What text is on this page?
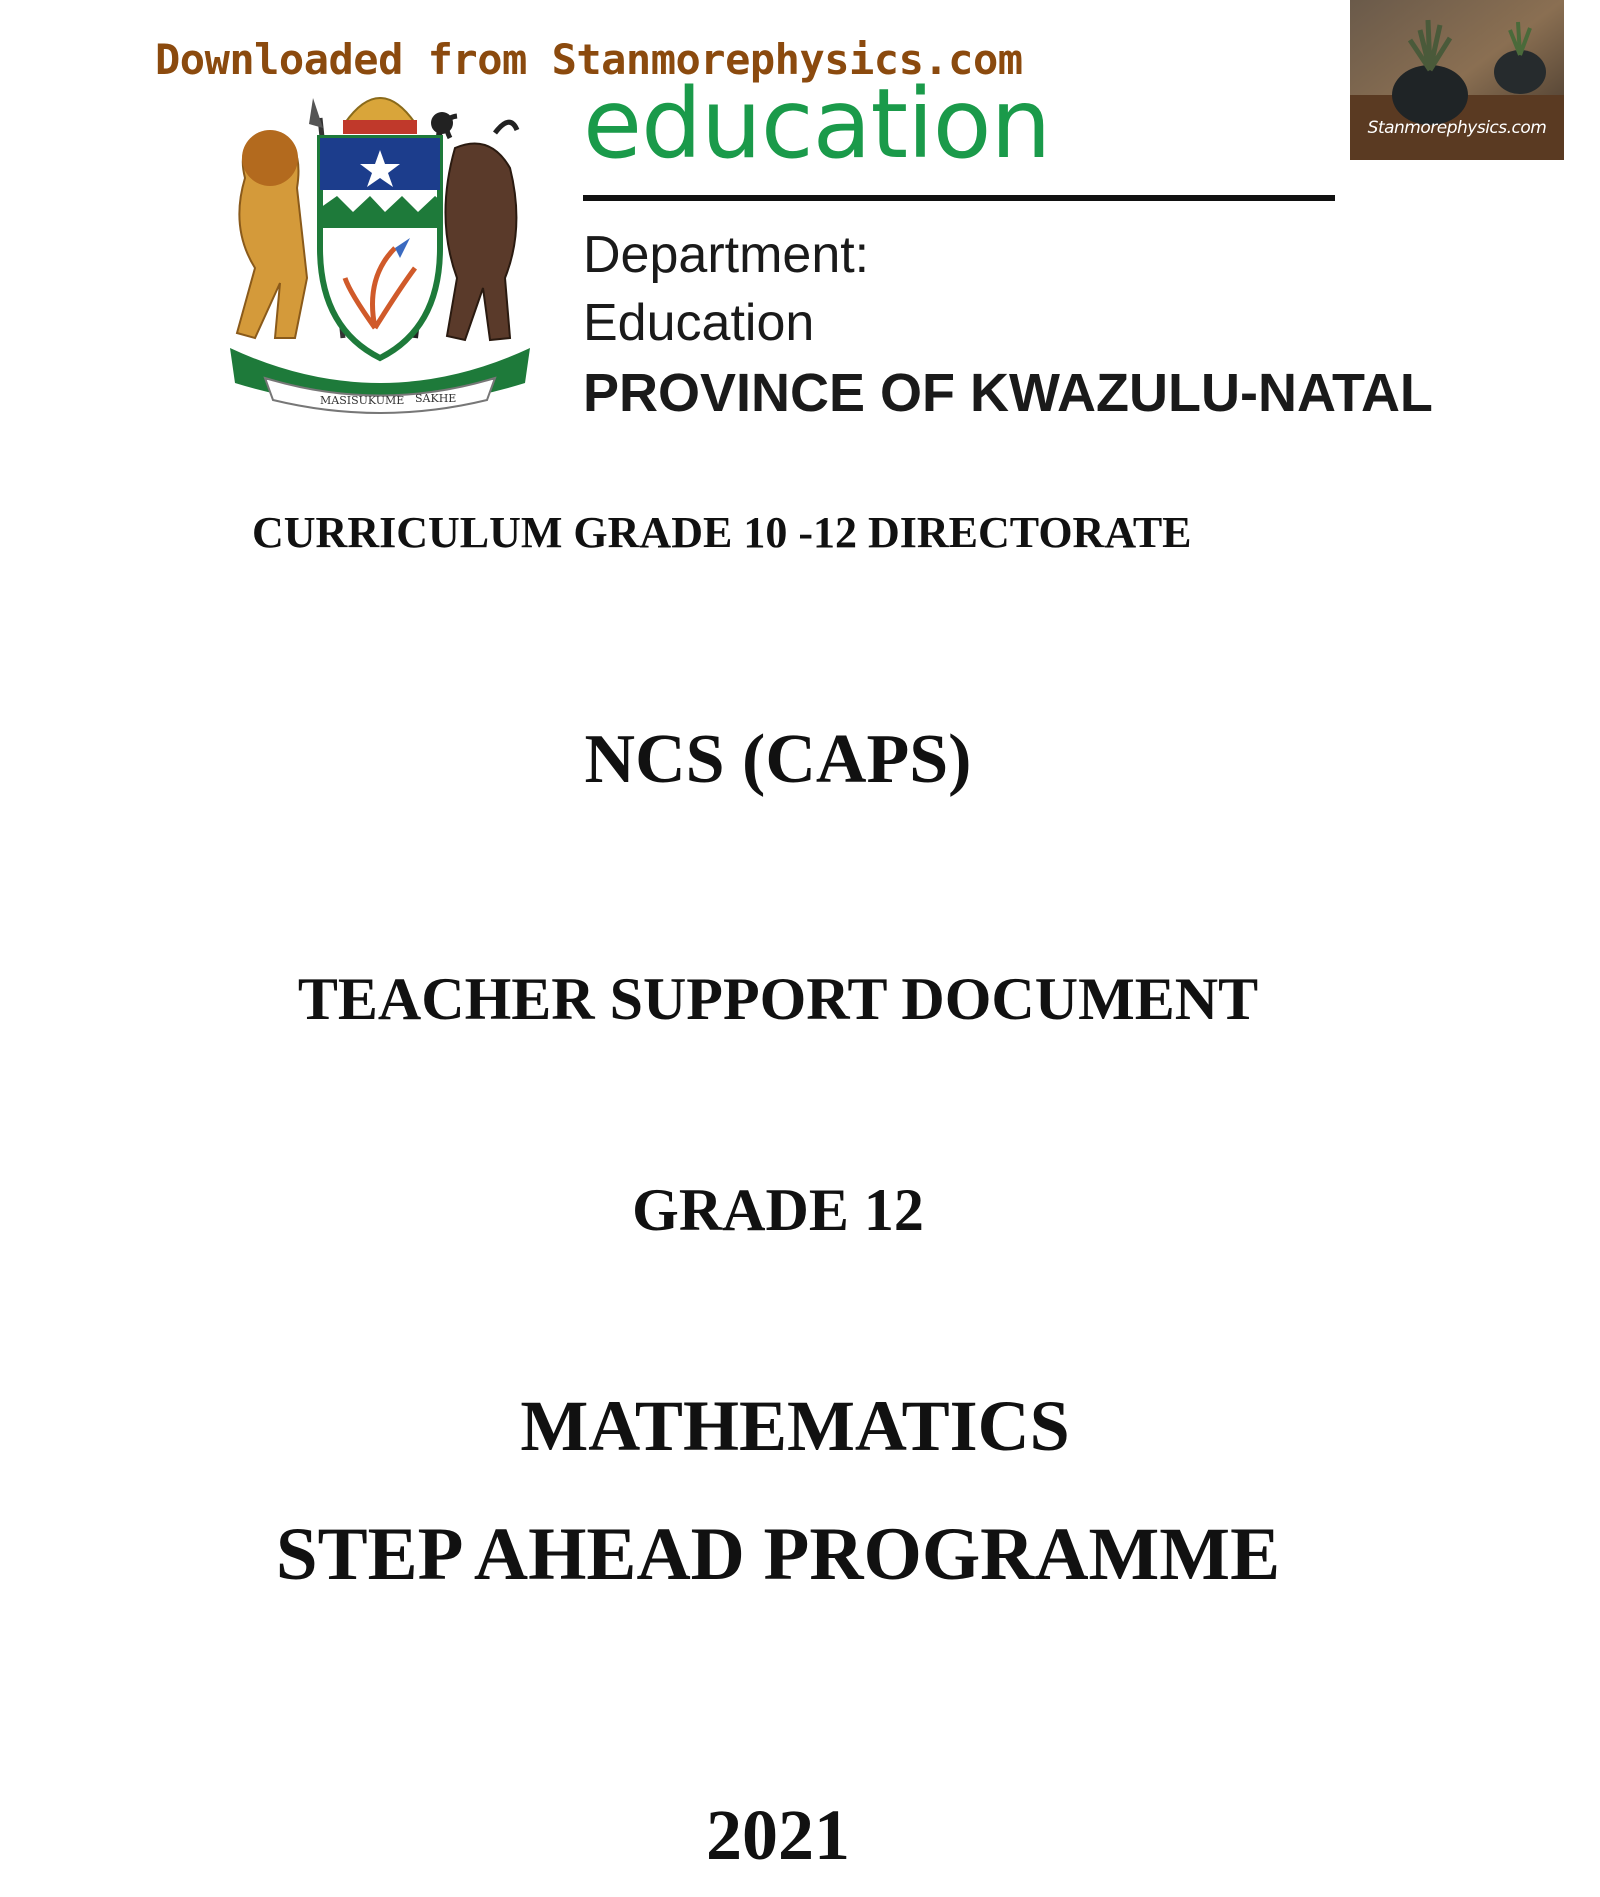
Downloaded from Stanmorephysics.com
Stanmorephysics.com
MASISUKUME SAKHE
education
Department:
Education
PROVINCE OF KWAZULU-NATAL
CURRICULUM GRADE 10 -12 DIRECTORATE
NCS (CAPS)
TEACHER SUPPORT DOCUMENT
GRADE 12
MATHEMATICS
STEP AHEAD PROGRAMME
2021
